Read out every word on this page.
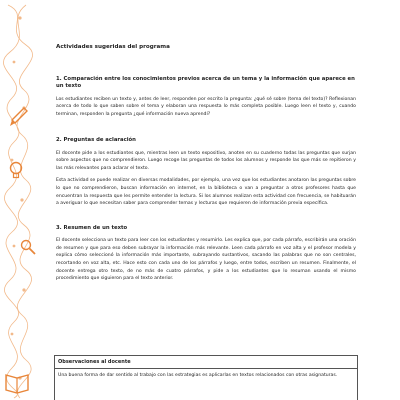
Actividades sugeridas del programa
1. Comparación entre los conocimientos previos acerca de un tema y la información que aparece en un texto

Los estudiantes reciben un texto y, antes de leer, responden por escrito la pregunta: ¿qué sé sobre (tema del texto)? Reflexionan acerca de todo lo que saben sobre el tema y elaboran una respuesta lo más completa posible. Luego leen el texto y, cuando terminan, responden la pregunta ¿qué información nueva aprendí?

2. Preguntas de aclaración

El docente pide a los estudiantes que, mientras leen un texto expositivo, anoten en su cuaderno todas las preguntas que surjan sobre aspectos que no comprendieron. Luego recoge las preguntas de todos los alumnos y responde las que más se repitieron y las más relevantes para aclarar el texto.

Esta actividad se puede realizar en diversas modalidades, por ejemplo, una vez que los estudiantes anotaron las preguntas sobre lo que no comprendieron, buscan información en internet, en la biblioteca o van a preguntar a otros profesores hasta que encuentran la respuesta que les permite entender la lectura. Si los alumnos realizan esta actividad con frecuencia, se habituarán a averiguar lo que necesitan saber para comprender temas y lecturas que requieren de información previa específica.

3. Resumen de un texto

El docente selecciona un texto para leer con los estudiantes y resumirlo. Les explica que, por cada párrafo, escribirán una oración de resumen y que para eso deben subrayar la información más relevante. Leen cada párrafo en voz alta y el profesor modela y explica cómo seleccionó la información más importante, subrayando sustantivos, sacando las palabras que no son centrales, recortando en voz alta, etc. Hace esto con cada uno de los párrafos y luego, entre todos, escriben un resumen. Finalmente, el docente entrega otro texto, de no más de cuatro párrafos, y pide a los estudiantes que lo resuman usando el mismo procedimiento que siguieron para el texto anterior.

Observaciones al docente
Una buena forma de dar sentido al trabajo con las estrategias es aplicarlas en textos relacionados con otras asignaturas.
